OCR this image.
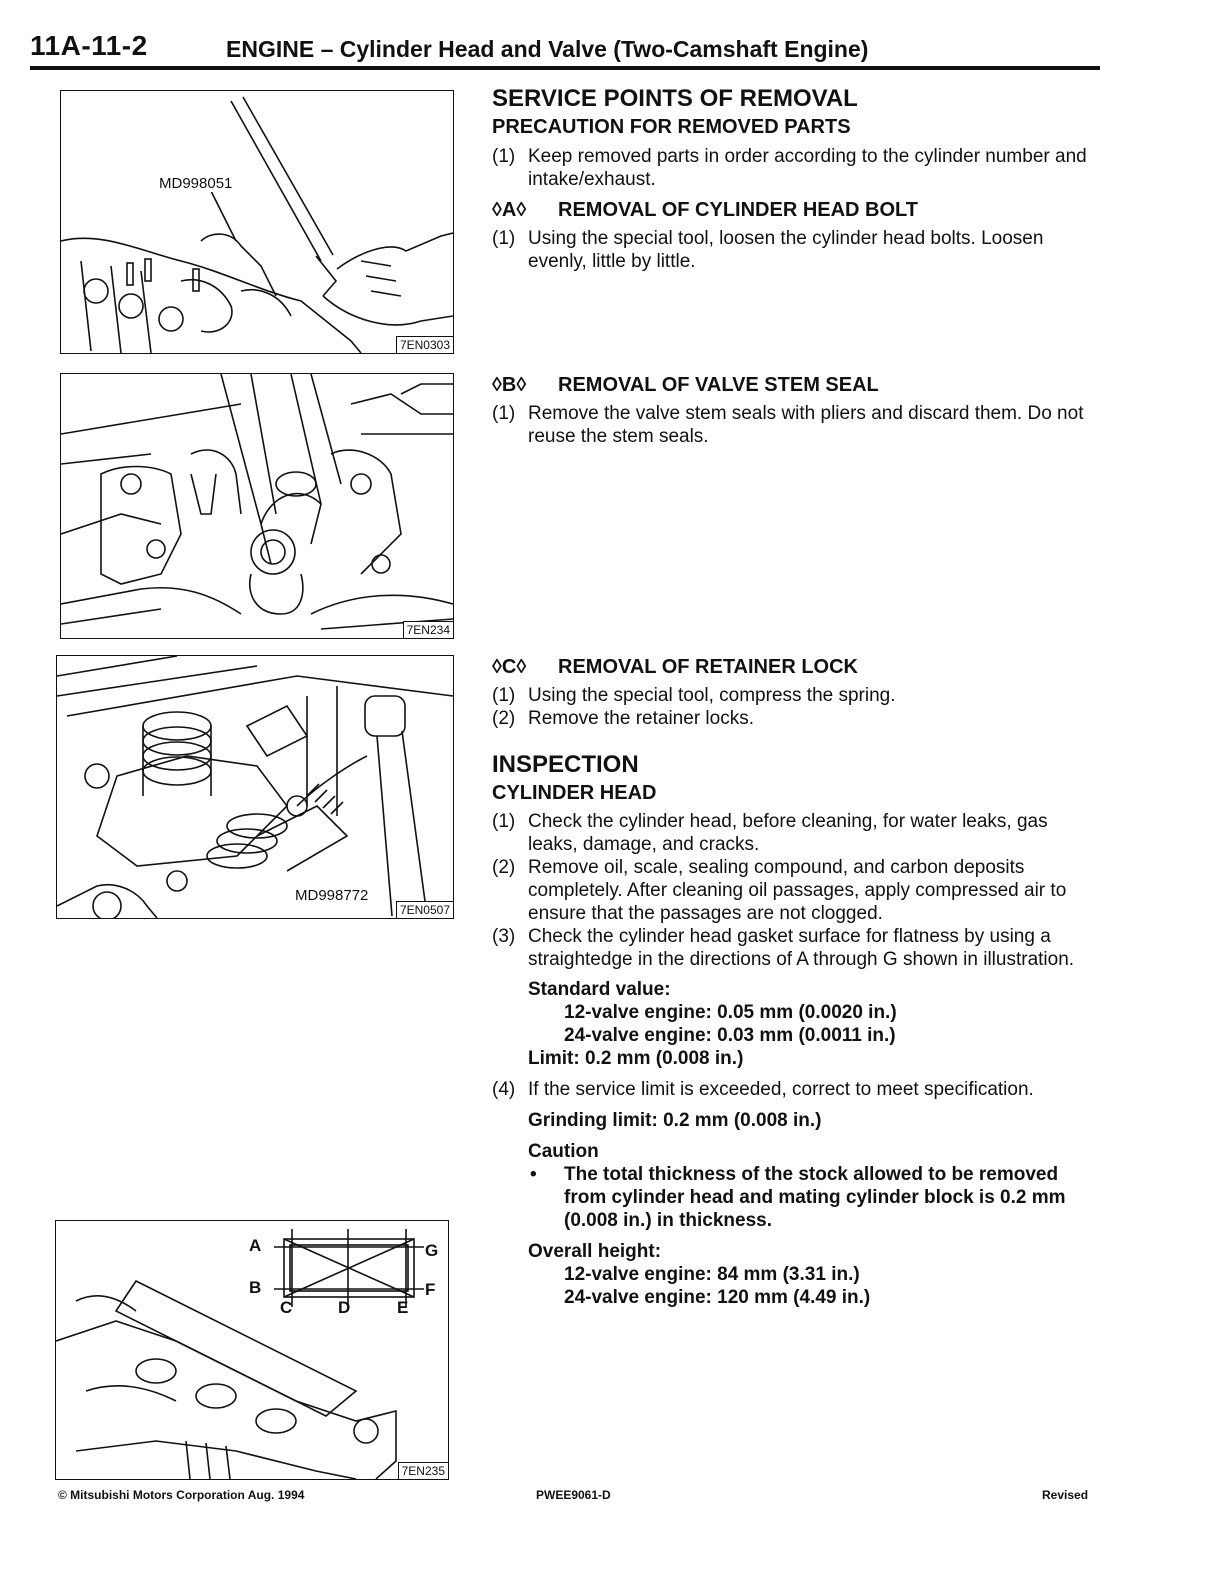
11A-11-2	ENGINE – Cylinder Head and Valve (Two-Camshaft Engine)
MD998051
7EN0303
7EN234
MD998772
7EN0507
A
B
C	D	E
F
G
7EN235
SERVICE POINTS OF REMOVAL
PRECAUTION FOR REMOVED PARTS
(1) Keep removed parts in order according to the cylinder number and intake/exhaust.
◊A◊ REMOVAL OF CYLINDER HEAD BOLT
(1) Using the special tool, loosen the cylinder head bolts. Loosen evenly, little by little.
◊B◊ REMOVAL OF VALVE STEM SEAL
(1) Remove the valve stem seals with pliers and discard them. Do not reuse the stem seals.
◊C◊ REMOVAL OF RETAINER LOCK
(1) Using the special tool, compress the spring.
(2) Remove the retainer locks.
INSPECTION
CYLINDER HEAD
(1) Check the cylinder head, before cleaning, for water leaks, gas leaks, damage, and cracks.
(2) Remove oil, scale, sealing compound, and carbon deposits completely. After cleaning oil passages, apply compressed air to ensure that the passages are not clogged.
(3) Check the cylinder head gasket surface for flatness by using a straightedge in the directions of A through G shown in illustration.
Standard value:
12-valve engine: 0.05 mm (0.0020 in.)
24-valve engine: 0.03 mm (0.0011 in.)
Limit: 0.2 mm (0.008 in.)
(4) If the service limit is exceeded, correct to meet specification.
Grinding limit: 0.2 mm (0.008 in.)
Caution
• The total thickness of the stock allowed to be removed from cylinder head and mating cylinder block is 0.2 mm (0.008 in.) in thickness.
Overall height:
12-valve engine: 84 mm (3.31 in.)
24-valve engine: 120 mm (4.49 in.)
© Mitsubishi Motors Corporation Aug. 1994	PWEE9061-D	Revised
